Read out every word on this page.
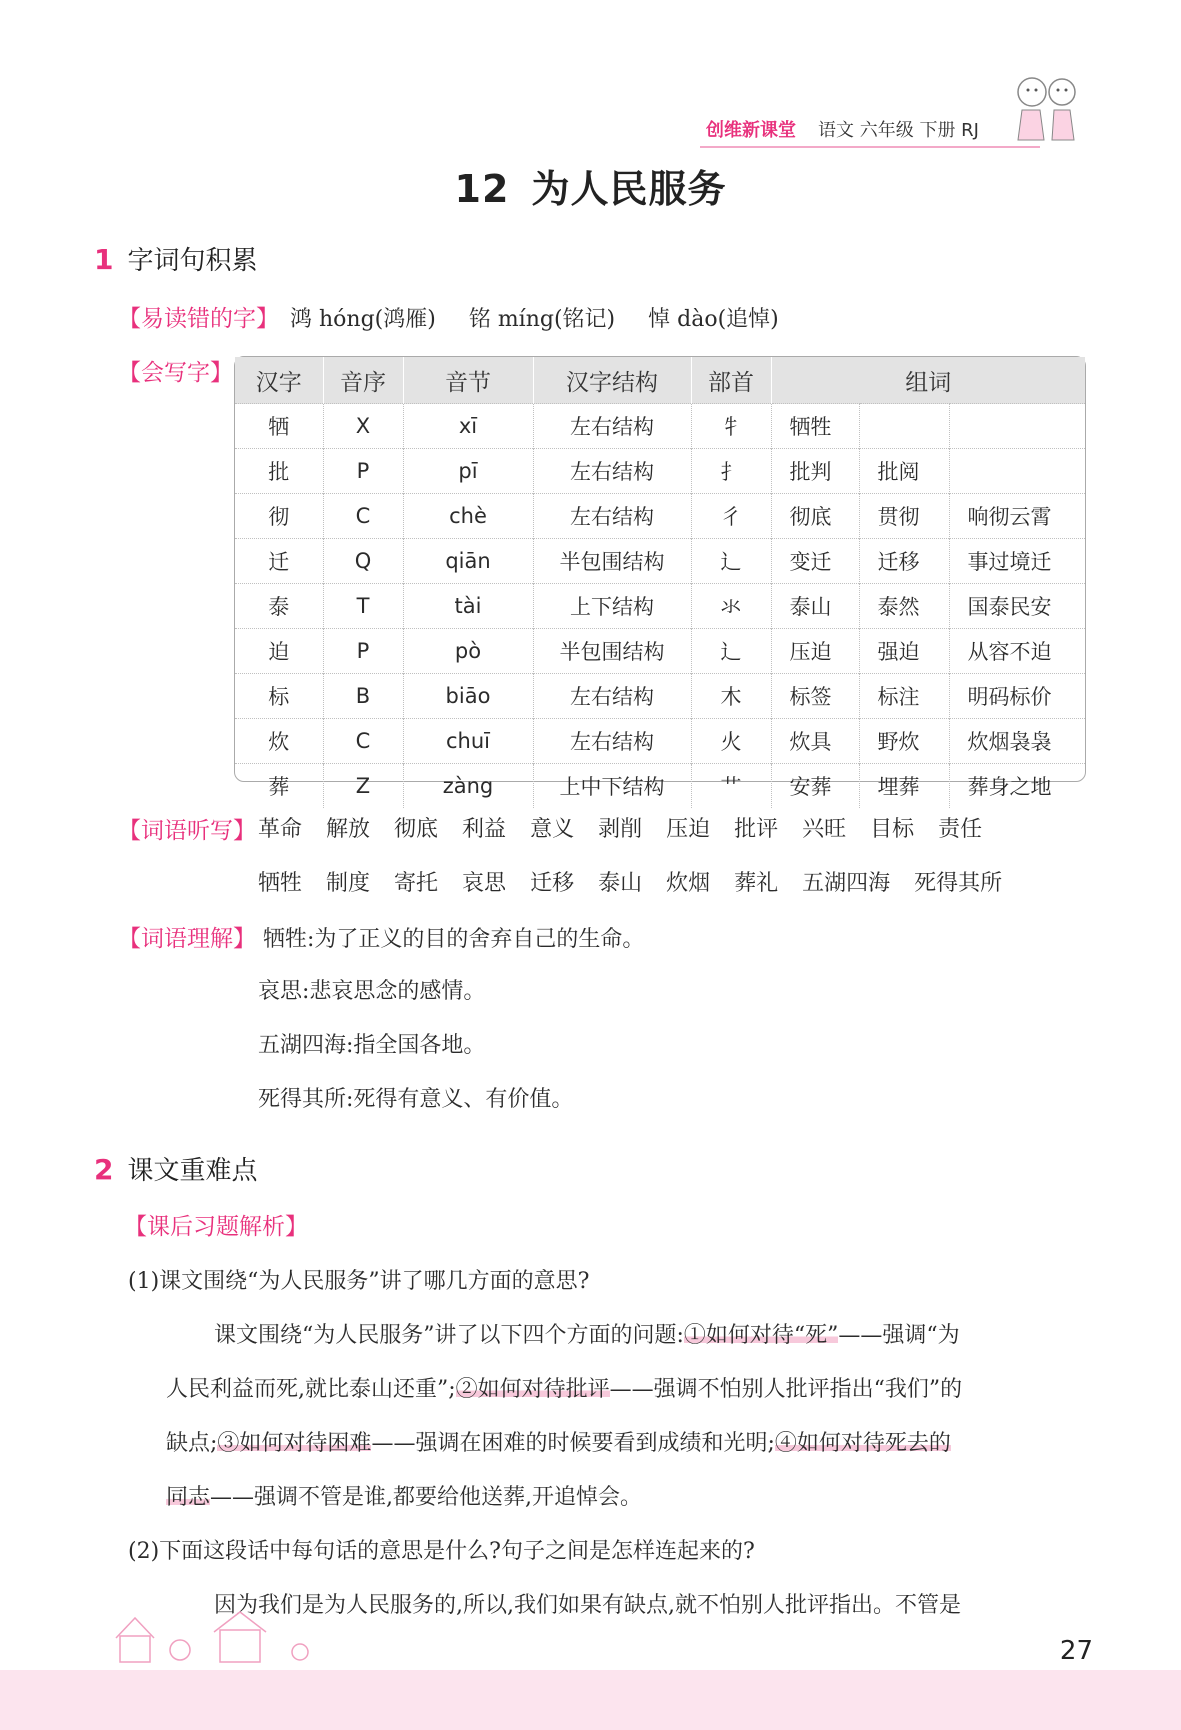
创维新课堂 语文 六年级 下册 RJ
12 为人民服务
1 字词句积累
【易读错的字】 鸿 hóng(鸿雁) 铭 míng(铭记) 悼 dào(追悼)
【会写字】 汉字	音序	音节	汉字结构	部首	组词		
牺	X	xī	左右结构	牜	牺牲		
批	P	pī	左右结构	扌	批判	批阅	
彻	C	chè	左右结构	彳	彻底	贯彻	响彻云霄
迁	Q	qiān	半包围结构	辶	变迁	迁移	事过境迁
泰	T	tài	上下结构	氺	泰山	泰然	国泰民安
迫	P	pò	半包围结构	辶	压迫	强迫	从容不迫
标	B	biāo	左右结构	木	标签	标注	明码标价
炊	C	chuī	左右结构	火	炊具	野炊	炊烟袅袅
葬	Z	zàng	上中下结构	艹	安葬	埋葬	葬身之地
【词语听写】 革命 解放 彻底 利益 意义 剥削 压迫 批评 兴旺 目标 责任
牺牲 制度 寄托 哀思 迁移 泰山 炊烟 葬礼 五湖四海 死得其所
【词语理解】 牺牲:为了正义的目的舍弃自己的生命。
哀思:悲哀思念的感情。
五湖四海:指全国各地。
死得其所:死得有意义、有价值。
2 课文重难点
【课后习题解析】
(1)课文围绕“为人民服务”讲了哪几方面的意思?
课文围绕“为人民服务”讲了以下四个方面的问题:①如何对待“死”——强调“为
人民利益而死,就比泰山还重”;②如何对待批评——强调不怕别人批评指出“我们”的
缺点;③如何对待困难——强调在困难的时候要看到成绩和光明;④如何对待死去的
同志——强调不管是谁,都要给他送葬,开追悼会。
(2)下面这段话中每句话的意思是什么?句子之间是怎样连起来的?
因为我们是为人民服务的,所以,我们如果有缺点,就不怕别人批评指出。不管是
27
